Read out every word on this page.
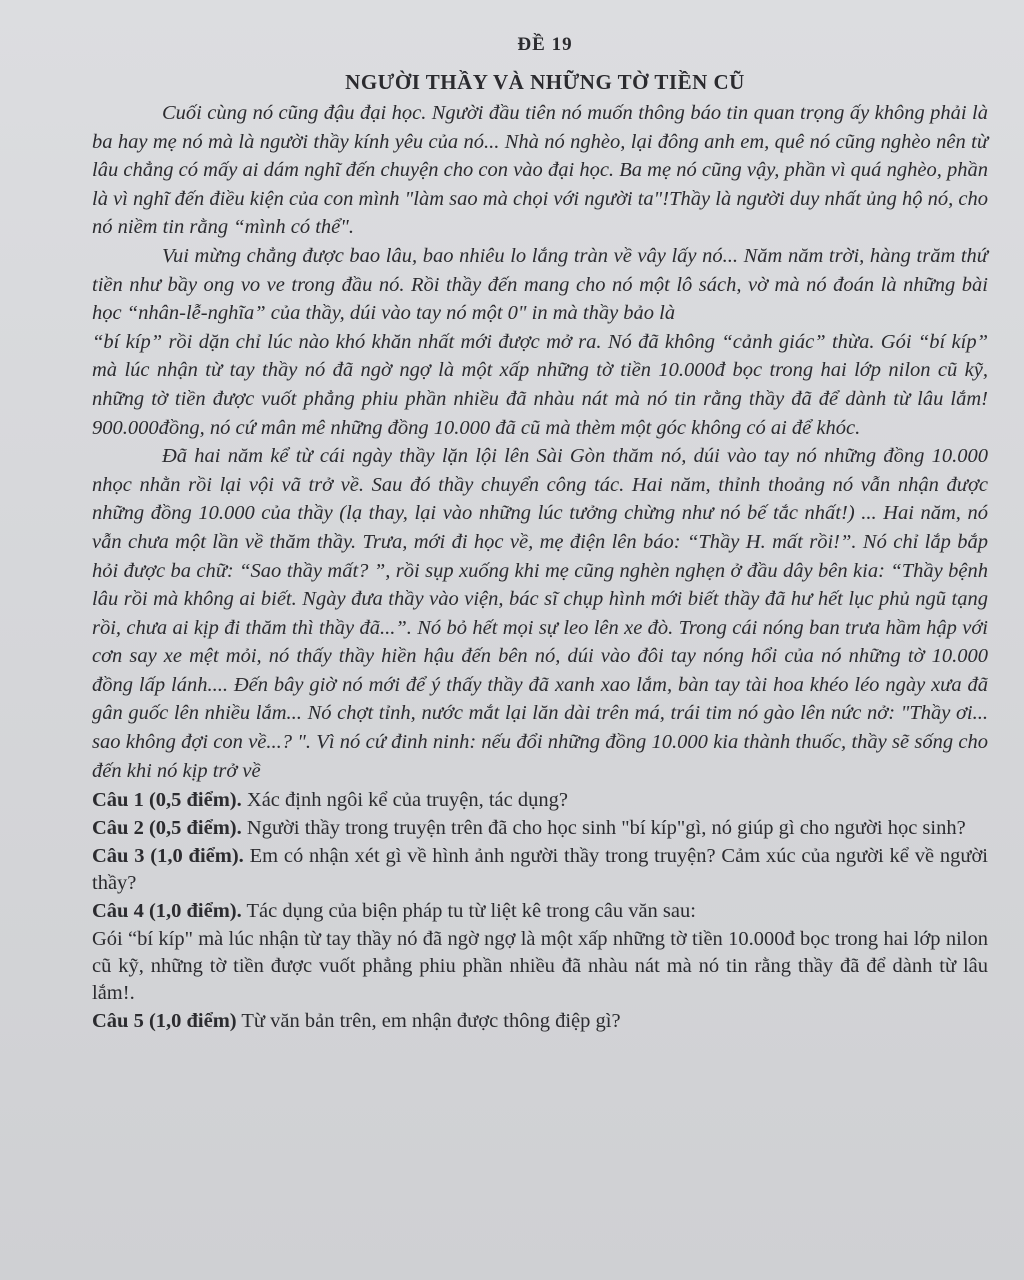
ĐỀ 19
NGƯỜI THẦY VÀ NHỮNG TỜ TIỀN CŨ

Cuối cùng nó cũng đậu đại học. Người đầu tiên nó muốn thông báo tin quan trọng ấy không phải là ba hay mẹ nó mà là người thầy kính yêu của nó... Nhà nó nghèo, lại đông anh em, quê nó cũng nghèo nên từ lâu chẳng có mấy ai dám nghĩ đến chuyện cho con vào đại học. Ba mẹ nó cũng vậy, phần vì quá nghèo, phần là vì nghĩ đến điều kiện của con mình "làm sao mà chọi với người ta"!Thầy là người duy nhất ủng hộ nó, cho nó niềm tin rằng “mình có thể".

Vui mừng chẳng được bao lâu, bao nhiêu lo lắng tràn về vây lấy nó... Năm năm trời, hàng trăm thứ tiền như bầy ong vo ve trong đầu nó. Rồi thầy đến mang cho nó một lô sách, vờ mà nó đoán là những bài học “nhân-lễ-nghĩa” của thầy, dúi vào tay nó một 0" in mà thầy bảo là

“bí kíp” rồi dặn chỉ lúc nào khó khăn nhất mới được mở ra. Nó đã không “cảnh giác” thừa. Gói “bí kíp” mà lúc nhận từ tay thầy nó đã ngờ ngợ là một xấp những tờ tiền 10.000đ bọc trong hai lớp nilon cũ kỹ, những tờ tiền được vuốt phẳng phiu phần nhiều đã nhàu nát mà nó tin rằng thầy đã để dành từ lâu lắm! 900.000đồng, nó cứ mân mê những đồng 10.000 đã cũ mà thèm một góc không có ai để khóc.

Đã hai năm kể từ cái ngày thầy lặn lội lên Sài Gòn thăm nó, dúi vào tay nó những đồng 10.000 nhọc nhằn rồi lại vội vã trở về. Sau đó thầy chuyển công tác. Hai năm, thỉnh thoảng nó vẫn nhận được những đồng 10.000 của thầy (lạ thay, lại vào những lúc tưởng chừng như nó bế tắc nhất!) ... Hai năm, nó vẫn chưa một lần về thăm thầy. Trưa, mới đi học về, mẹ điện lên báo: “Thầy H. mất rồi!”. Nó chỉ lắp bắp hỏi được ba chữ: “Sao thầy mất? ”, rồi sụp xuống khi mẹ cũng nghèn nghẹn ở đầu dây bên kia: “Thầy bệnh lâu rồi mà không ai biết. Ngày đưa thầy vào viện, bác sĩ chụp hình mới biết thầy đã hư hết lục phủ ngũ tạng rồi, chưa ai kịp đi thăm thì thầy đã...”. Nó bỏ hết mọi sự leo lên xe đò. Trong cái nóng ban trưa hầm hập với cơn say xe mệt mỏi, nó thấy thầy hiền hậu đến bên nó, dúi vào đôi tay nóng hổi của nó những tờ 10.000 đồng lấp lánh.... Đến bây giờ nó mới để ý thấy thầy đã xanh xao lắm, bàn tay tài hoa khéo léo ngày xưa đã gân guốc lên nhiều lắm... Nó chợt tỉnh, nước mắt lại lăn dài trên má, trái tim nó gào lên nức nở: "Thầy ơi... sao không đợi con về...? ". Vì nó cứ đinh ninh: nếu đổi những đồng 10.000 kia thành thuốc, thầy sẽ sống cho đến khi nó kịp trở về

Câu 1 (0,5 điểm). Xác định ngôi kể của truyện, tác dụng?

Câu 2 (0,5 điểm). Người thầy trong truyện trên đã cho học sinh "bí kíp"gì, nó giúp gì cho người học sinh?

Câu 3 (1,0 điểm). Em có nhận xét gì về hình ảnh người thầy trong truyện? Cảm xúc của người kể về người thầy?

Câu 4 (1,0 điểm). Tác dụng của biện pháp tu từ liệt kê trong câu văn sau:

Gói “bí kíp" mà lúc nhận từ tay thầy nó đã ngờ ngợ là một xấp những tờ tiền 10.000đ bọc trong hai lớp nilon cũ kỹ, những tờ tiền được vuốt phẳng phiu phần nhiều đã nhàu nát mà nó tin rằng thầy đã để dành từ lâu lắm!.

Câu 5 (1,0 điểm) Từ văn bản trên, em nhận được thông điệp gì?
